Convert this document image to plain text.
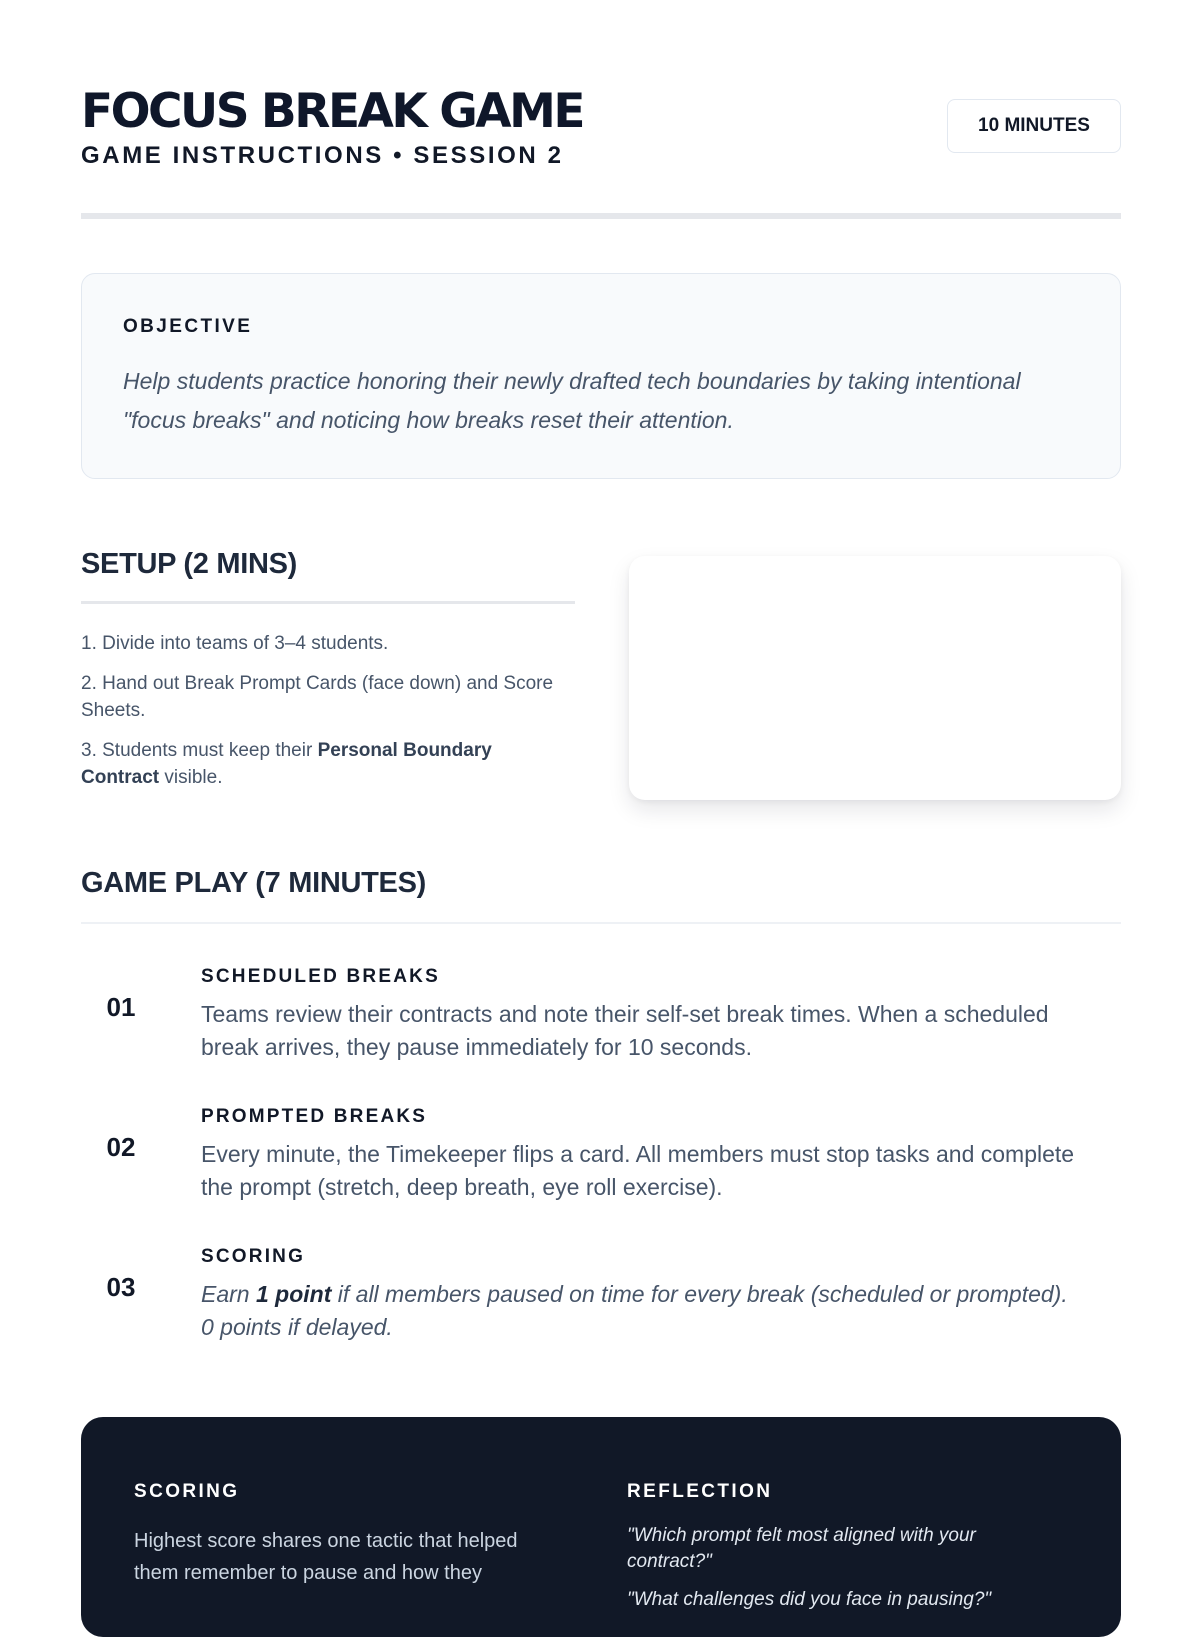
FOCUS BREAK GAME
GAME INSTRUCTIONS • SESSION 2
10 MINUTES
OBJECTIVE
Help students practice honoring their newly drafted tech boundaries by taking intentional "focus breaks" and noticing how breaks reset their attention.
SETUP (2 MINS)
1. Divide into teams of 3–4 students.
2. Hand out Break Prompt Cards (face down) and Score Sheets.
3. Students must keep their Personal Boundary Contract visible.
GAME PLAY (7 MINUTES)
01
SCHEDULED BREAKS
Teams review their contracts and note their self-set break times. When a scheduled break arrives, they pause immediately for 10 seconds.
02
PROMPTED BREAKS
Every minute, the Timekeeper flips a card. All members must stop tasks and complete the prompt (stretch, deep breath, eye roll exercise).
03
SCORING
Earn 1 point if all members paused on time for every break (scheduled or prompted). 0 points if delayed.
SCORING
Highest score shares one tactic that helped them remember to pause and how they
REFLECTION
"Which prompt felt most aligned with your contract?"
"What challenges did you face in pausing?"
